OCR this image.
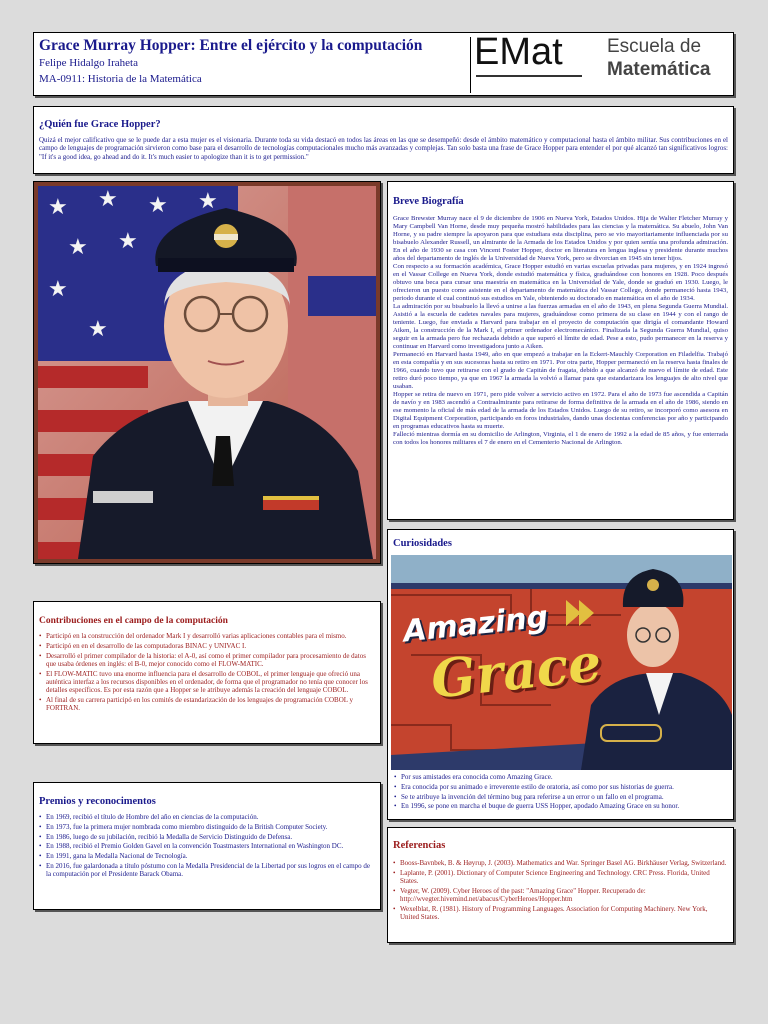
Grace Murray Hopper: Entre el ejército y la computación
Felipe Hidalgo Iraheta
MA-0911: Historia de la Matemática
EMat Escuela de
Matemática
¿Quién fue Grace Hopper?
Quizá el mejor calificativo que se le puede dar a esta mujer es el visionaria. Durante toda su vida destacó en todos las áreas en las que se desempeñó: desde el ámbito matemático y computacional hasta el ámbito militar. Sus contribuciones en el campo de lenguajes de programación sirvieron como base para el desarrollo de tecnologías computacionales mucho más avanzadas y complejas. Tan solo basta una frase de Grace Hopper para entender el por qué alcanzó tan significativos logros: "If it's a good idea, go ahead and do it. It's much easier to apologize than it is to get permission."
★ ★ ★ ★
★ ★
★
★
Breve Biografía
Grace Brewster Murray nace el 9 de diciembre de 1906 en Nueva York, Estados Unidos. Hija de Walter Fletcher Murray y Mary Campbell Van Horne, desde muy pequeña mostró habilidades para las ciencias y la matemática. Su abuelo, John Van Horne, y su padre siempre la apoyaron para que estudiara esta disciplina, pero se vio mayoritariamente influenciada por su bisabuelo Alexander Russell, un almirante de la Armada de los Estados Unidos y por quien sentía una profunda admiración. En el año de 1930 se casa con Vincent Foster Hopper, doctor en literatura en lengua inglesa y presidente durante muchos años del departamento de inglés de la Universidad de Nueva York, pero se divorcian en 1945 sin tener hijos.
Con respecto a su formación académica, Grace Hopper estudió en varias escuelas privadas para mujeres, y en 1924 ingresó en el Vassar College en Nueva York, donde estudió matemática y física, graduándose con honores en 1928. Poco después obtuvo una beca para cursar una maestría en matemática en la Universidad de Yale, donde se graduó en 1930. Luego, le ofrecieron un puesto como asistente en el departamento de matemática del Vassar College, donde permaneció hasta 1943, periodo durante el cual continuó sus estudios en Yale, obteniendo su doctorado en matemática en el año de 1934.
La admiración por su bisabuelo la llevó a unirse a las fuerzas armadas en el año de 1943, en plena Segunda Guerra Mundial. Asistió a la escuela de cadetes navales para mujeres, graduándose como primera de su clase en 1944 y con el rango de teniente. Luego, fue enviada a Harvard para trabajar en el proyecto de computación que dirigía el comandante Howard Aiken, la construcción de la Mark I, el primer ordenador electromecánico. Finalizada la Segunda Guerra Mundial, quiso seguir en la armada pero fue rechazada debido a que superó el límite de edad. Pese a esto, pudo permanecer en la reserva y continuar en Harvard como investigadora junto a Aiken.
Permaneció en Harvard hasta 1949, año en que empezó a trabajar en la Eckert-Mauchly Corporation en Filadelfia. Trabajó en esta compañía y en sus sucesoras hasta su retiro en 1971. Por otra parte, Hopper permaneció en la reserva hasta finales de 1966, cuando tuvo que retirarse con el grado de Capitán de fragata, debido a que alcanzó de nuevo el límite de edad. Este retiro duró poco tiempo, ya que en 1967 la armada la volvió a llamar para que estandarizara los lenguajes de alto nivel que usaban.
Hopper se retira de nuevo en 1971, pero pide volver a servicio activo en 1972. Para el año de 1973 fue ascendida a Capitán de navío y en 1983 ascendió a Contraalmirante para retirarse de forma definitiva de la armada en el año de 1986, siendo en ese momento la oficial de más edad de la armada de los Estados Unidos. Luego de su retiro, se incorporó como asesora en Digital Equipment Corporation, participando en foros industriales, dando unas docientas conferencias por año y participando en programas educativos hasta su muerte.
Falleció mientras dormía en su domicilio de Arlington, Virginia, el 1 de enero de 1992 a la edad de 85 años, y fue enterrada con todos los honores militares el 7 de enero en el Cementerio Nacional de Arlington.
Curiosidades
Amazing
Grace
• Por sus amistades era conocida como Amazing Grace.
• Era conocida por su animado e irreverente estilo de oratoria, así como por sus historias de guerra.
• Se te atribuye la invención del término bug para referirse a un error o un fallo en el programa.
• En 1996, se pone en marcha el buque de guerra USS Hopper, apodado Amazing Grace en su honor.
Contribuciones en el campo de la computación
• Participó en la construcción del ordenador Mark I y desarrolló varias aplicaciones contables para el mismo.
• Participó en en el desarrollo de las computadoras BINAC y UNIVAC I.
• Desarrolló el primer compilador de la historia: el A-0, así como el primer compilador para procesamiento de datos que usaba órdenes en inglés: el B-0, mejor conocido como el FLOW-MATIC.
• El FLOW-MATIC tuvo una enorme influencia para el desarrollo de COBOL, el primer lenguaje que ofreció una auténtica interfaz a los recursos disponibles en el ordenador, de forma que el programador no tenía que conocer los detalles específicos. Es por esta razón que a Hopper se le atribuye además la creación del lenguaje COBOL.
• Al final de su carrera participó en los comités de estandarización de los lenguajes de programación COBOL y FORTRAN.
Premios y reconocimentos
• En 1969, recibió el título de Hombre del año en ciencias de la computación.
• En 1973, fue la primera mujer nombrada como miembro distinguido de la British Computer Society.
• En 1986, luego de su jubilación, recibió la Medalla de Servicio Distinguido de Defensa.
• En 1988, recibió el Premio Golden Gavel en la convención Toastmasters International en Washington DC.
• En 1991, gana la Medalla Nacional de Tecnología.
• En 2016, fue galardonada a título póstumo con la Medalla Presidencial de la Libertad por sus logros en el campo de la computación por el Presidente Barack Obama.
Referencias
• Booss-Bavnbek, B. & Høyrup, J. (2003). Mathematics and War. Springer Basel AG. Birkhäuser Verlag, Switzerland.
• Laplante, P. (2001). Dictionary of Computer Science Engineering and Technology. CRC Press. Florida, United States.
• Vegter, W. (2009). Cyber Heroes of the past: "Amazing Grace" Hopper. Recuperado de: http://wvegter.hivemind.net/abacus/CyberHeroes/Hopper.htm
• Wexelblat, R. (1981). History of Programming Languages. Association for Computing Machinery. New York, United States.
